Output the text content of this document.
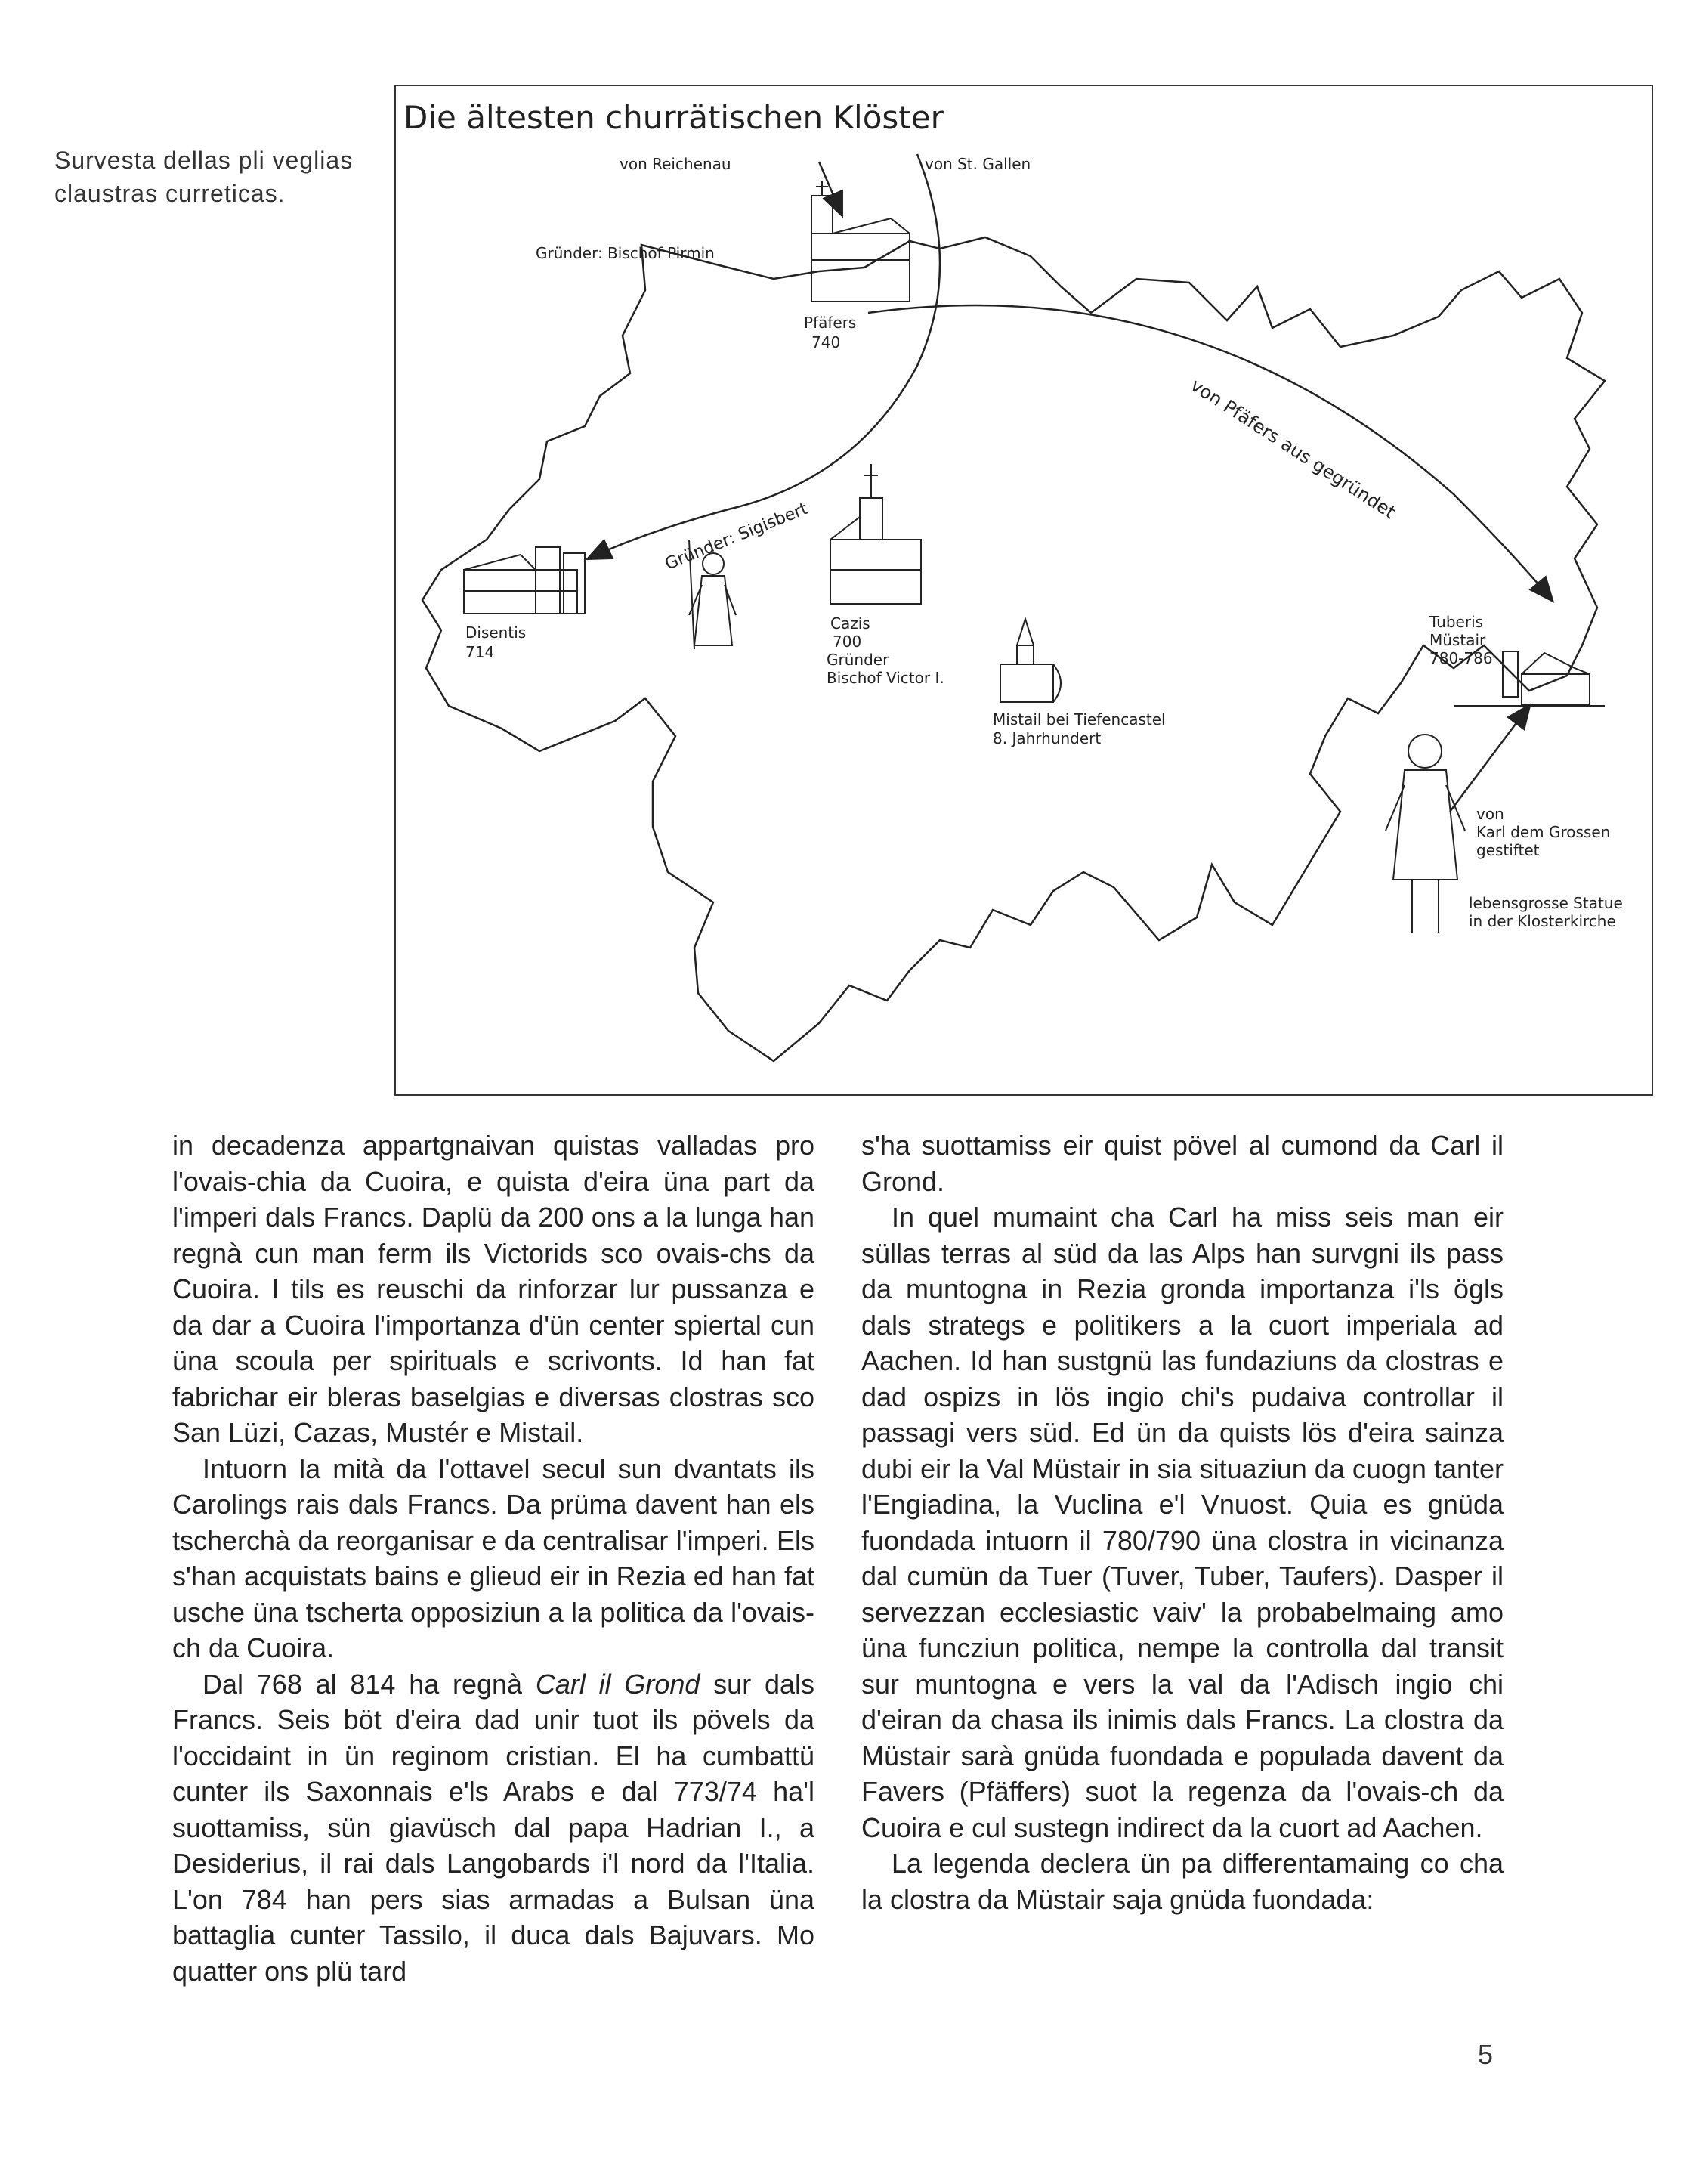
Survesta dellas pli veglias claustras curreticas.
Die ältesten churrätischen Klöster
von Reichenau	von St. Gallen
Gründer: Bischof Pirmin
Pfäfers
740
Gründer: Sigisbert
Disentis
714
Cazis
700
Gründer
Bischof Victor I.
Mistail bei Tiefencastel
8. Jahrhundert
von Pfäfers aus gegründet
Tuberis
Müstair
780-786
von
Karl dem Grossen
gestiftet
lebensgrosse Statue
in der Klosterkirche

in decadenza appartgnaivan quistas valladas pro l'ovais-chia da Cuoira, e quista d'eira üna part da l'imperi dals Francs. Daplü da 200 ons a la lunga han regnà cun man ferm ils Victorids sco ovais-chs da Cuoira. I tils es reuschi da rinforzar lur pussanza e da dar a Cuoira l'importanza d'ün center spiertal cun üna scoula per spirituals e scrivonts. Id han fat fabrichar eir bleras baselgias e diversas clostras sco San Lüzi, Cazas, Mustér e Mistail.

Intuorn la mità da l'ottavel secul sun dvantats ils Carolings rais dals Francs. Da prüma davent han els tscherchà da reorganisar e da centralisar l'imperi. Els s'han acquistats bains e glieud eir in Rezia ed han fat usche üna tscherta opposiziun a la politica da l'ovais-ch da Cuoira.

Dal 768 al 814 ha regnà Carl il Grond sur dals Francs. Seis böt d'eira dad unir tuot ils pövels da l'occidaint in ün reginom cristian. El ha cumbattü cunter ils Saxonnais e'ls Arabs e dal 773/74 ha'l suottamiss, sün giavüsch dal papa Hadrian I., a Desiderius, il rai dals Langobards i'l nord da l'Italia. L'on 784 han pers sias armadas a Bulsan üna battaglia cunter Tassilo, il duca dals Bajuvars. Mo quatter ons plü tard

s'ha suottamiss eir quist pövel al cumond da Carl il Grond.

In quel mumaint cha Carl ha miss seis man eir süllas terras al süd da las Alps han survgni ils pass da muntogna in Rezia gronda importanza i'ls ögls dals strategs e politikers a la cuort imperiala ad Aachen. Id han sustgnü las fundaziuns da clostras e dad ospizs in lös ingio chi's pudaiva controllar il passagi vers süd. Ed ün da quists lös d'eira sainza dubi eir la Val Müstair in sia situaziun da cuogn tanter l'Engiadina, la Vuclina e'l Vnuost. Quia es gnüda fuondada intuorn il 780/790 üna clostra in vicinanza dal cumün da Tuer (Tuver, Tuber, Taufers). Dasper il servezzan ecclesiastic vaiv' la probabelmaing amo üna funcziun politica, nempe la controlla dal transit sur muntogna e vers la val da l'Adisch ingio chi d'eiran da chasa ils inimis dals Francs. La clostra da Müstair sarà gnüda fuondada e populada davent da Favers (Pfäffers) suot la regenza da l'ovais-ch da Cuoira e cul sustegn indirect da la cuort ad Aachen.

La legenda declera ün pa differentamaing co cha la clostra da Müstair saja gnüda fuondada:

5
